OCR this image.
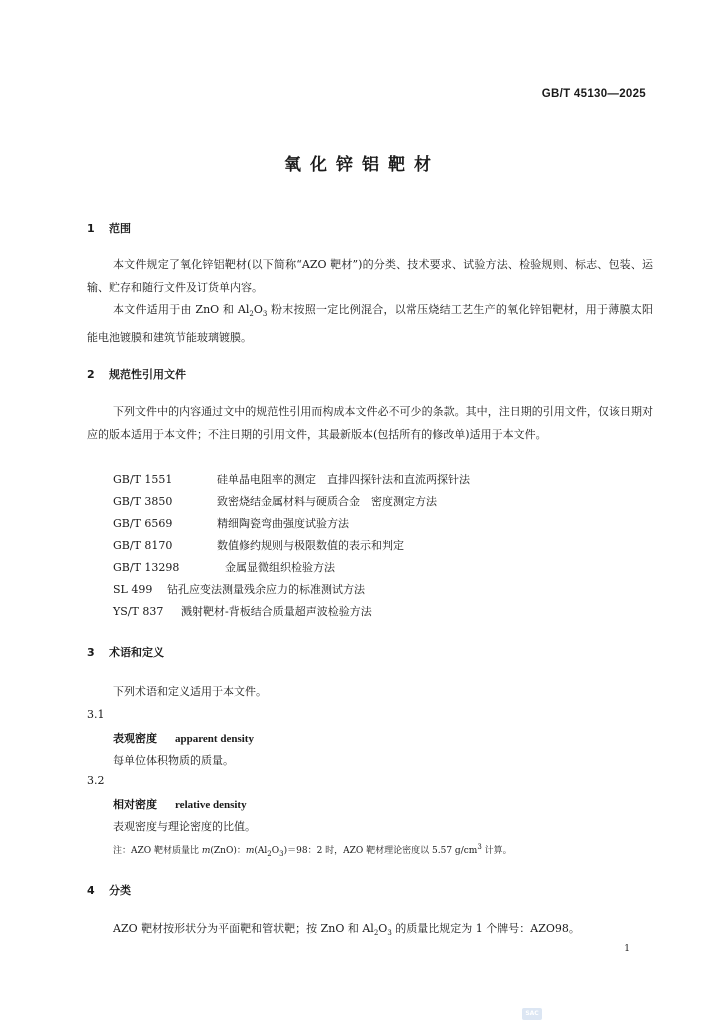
GB/T 45130—2025
氧化锌铝靶材
1 范围
本文件规定了氧化锌铝靶材(以下简称“AZO 靶材”)的分类、技术要求、试验方法、检验规则、标志、包装、运输、贮存和随行文件及订货单内容。
本文件适用于由 ZnO 和 $Al_2O_3$ 粉末按照一定比例混合，以常压烧结工艺生产的氧化锌铝靶材，用于薄膜太阳能电池镀膜和建筑节能玻璃镀膜。
2 规范性引用文件
下列文件中的内容通过文中的规范性引用而构成本文件必不可少的条款。其中，注日期的引用文件，仅该日期对应的版本适用于本文件；不注日期的引用文件，其最新版本(包括所有的修改单)适用于本文件。
GB/T 1551	硅单晶电阻率的测定　直排四探针法和直流两探针法
GB/T 3850	致密烧结金属材料与硬质合金　密度测定方法
GB/T 6569	精细陶瓷弯曲强度试验方法
GB/T 8170	数值修约规则与极限数值的表示和判定
GB/T 13298	金属显微组织检验方法
SL 499 钻孔应变法测量残余应力的标准测试方法
YS/T 837 溅射靶材-背板结合质量超声波检验方法
3 术语和定义
下列术语和定义适用于本文件。
3.1
表观密度 apparent density
每单位体积物质的质量。
3.2
相对密度 relative density
表观密度与理论密度的比值。
注：AZO 靶材质量比 m(ZnO)：$m(Al_2O_3)=98$：2 时，AZO 靶材理论密度以 5.57 $g/cm^3$ 计算。
4 分类
AZO 靶材按形状分为平面靶和管状靶；按 ZnO 和 $Al_2O_3$ 的质量比规定为 1 个牌号：AZO98。
1
SAC
